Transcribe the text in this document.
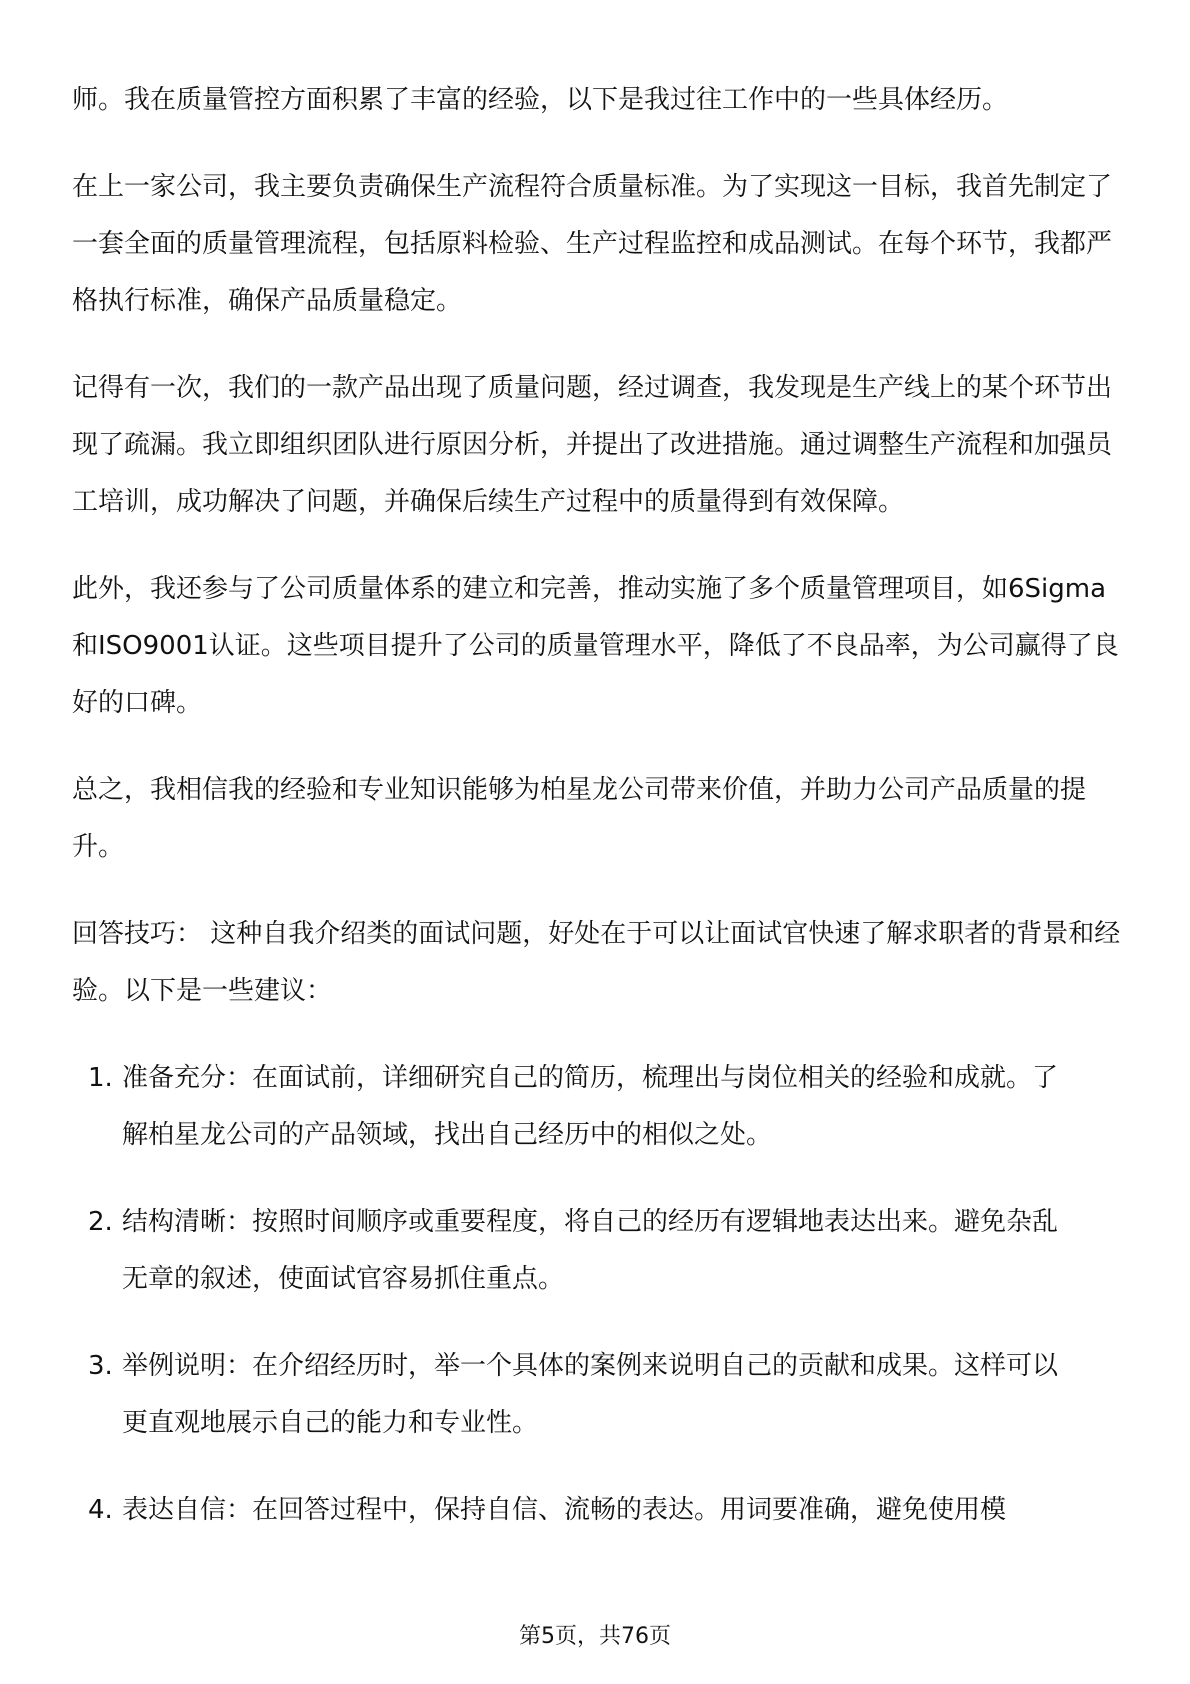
师。我在质量管控方面积累了丰富的经验，以下是我过往工作中的一些具体经历。

在上一家公司，我主要负责确保生产流程符合质量标准。为了实现这一目标，我首先制定了一套全面的质量管理流程，包括原料检验、生产过程监控和成品测试。在每个环节，我都严格执行标准，确保产品质量稳定。

记得有一次，我们的一款产品出现了质量问题，经过调查，我发现是生产线上的某个环节出现了疏漏。我立即组织团队进行原因分析，并提出了改进措施。通过调整生产流程和加强员工培训，成功解决了问题，并确保后续生产过程中的质量得到有效保障。

此外，我还参与了公司质量体系的建立和完善，推动实施了多个质量管理项目，如6Sigma和ISO9001认证。这些项目提升了公司的质量管理水平，降低了不良品率，为公司赢得了良好的口碑。

总之，我相信我的经验和专业知识能够为柏星龙公司带来价值，并助力公司产品质量的提升。

回答技巧： 这种自我介绍类的面试问题，好处在于可以让面试官快速了解求职者的背景和经验。以下是一些建议：

1. 准备充分：在面试前，详细研究自己的简历，梳理出与岗位相关的经验和成就。了解柏星龙公司的产品领域，找出自己经历中的相似之处。
2. 结构清晰：按照时间顺序或重要程度，将自己的经历有逻辑地表达出来。避免杂乱无章的叙述，使面试官容易抓住重点。
3. 举例说明：在介绍经历时，举一个具体的案例来说明自己的贡献和成果。这样可以更直观地展示自己的能力和专业性。
4. 表达自信：在回答过程中，保持自信、流畅的表达。用词要准确，避免使用模
第5页，共76页
